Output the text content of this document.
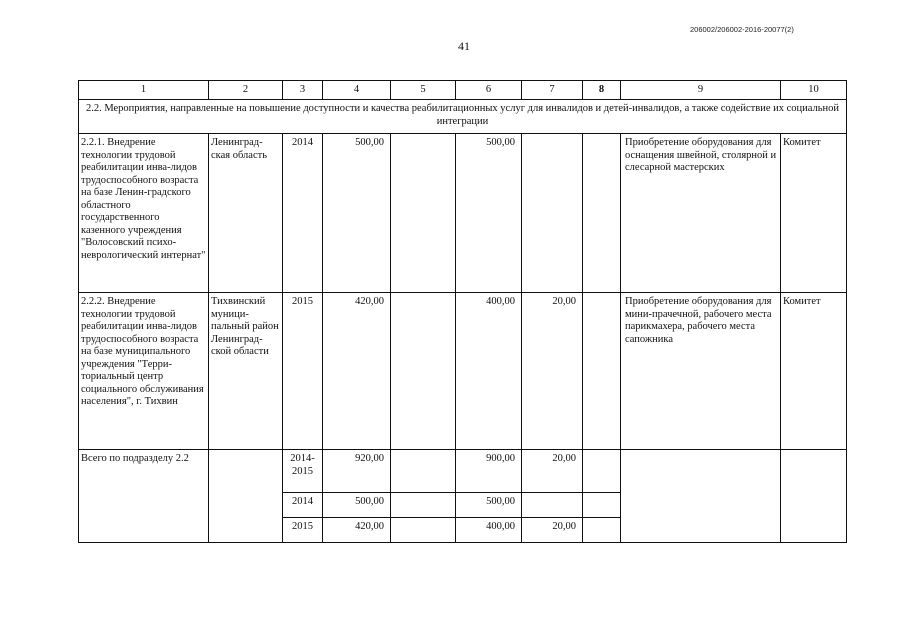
206002/206002-2016-20077(2)
41
1	2	3	4	5	6	7	8	9	10
2.2. Мероприятия, направленные на повышение доступности и качества реабилитационных услуг для инвалидов и детей-инвалидов, а также содействие их социальной интеграции									
2.2.1. Внедрение технологии трудовой реабилитации инва-лидов трудоспособного возраста на базе Ленин-градского областного государственного казенного учреждения "Волосовский психо-неврологический интернат"	Ленинград-ская область	2014	500,00		500,00			Приобретение оборудования для оснащения швейной, столярной и слесарной мастерских	Комитет
2.2.2. Внедрение технологии трудовой реабилитации инва-лидов трудоспособного возраста на базе муниципального учреждения "Терри-ториальный центр социального обслуживания населения", г. Тихвин	Тихвинский муници-пальный район Ленинград-ской области	2015	420,00		400,00	20,00		Приобретение оборудования для мини-прачечной, рабочего места парикмахера, рабочего места сапожника	Комитет
Всего по подразделу 2.2		2014-2015	920,00		900,00	20,00			
		2014	500,00		500,00				
		2015	420,00		400,00	20,00			
